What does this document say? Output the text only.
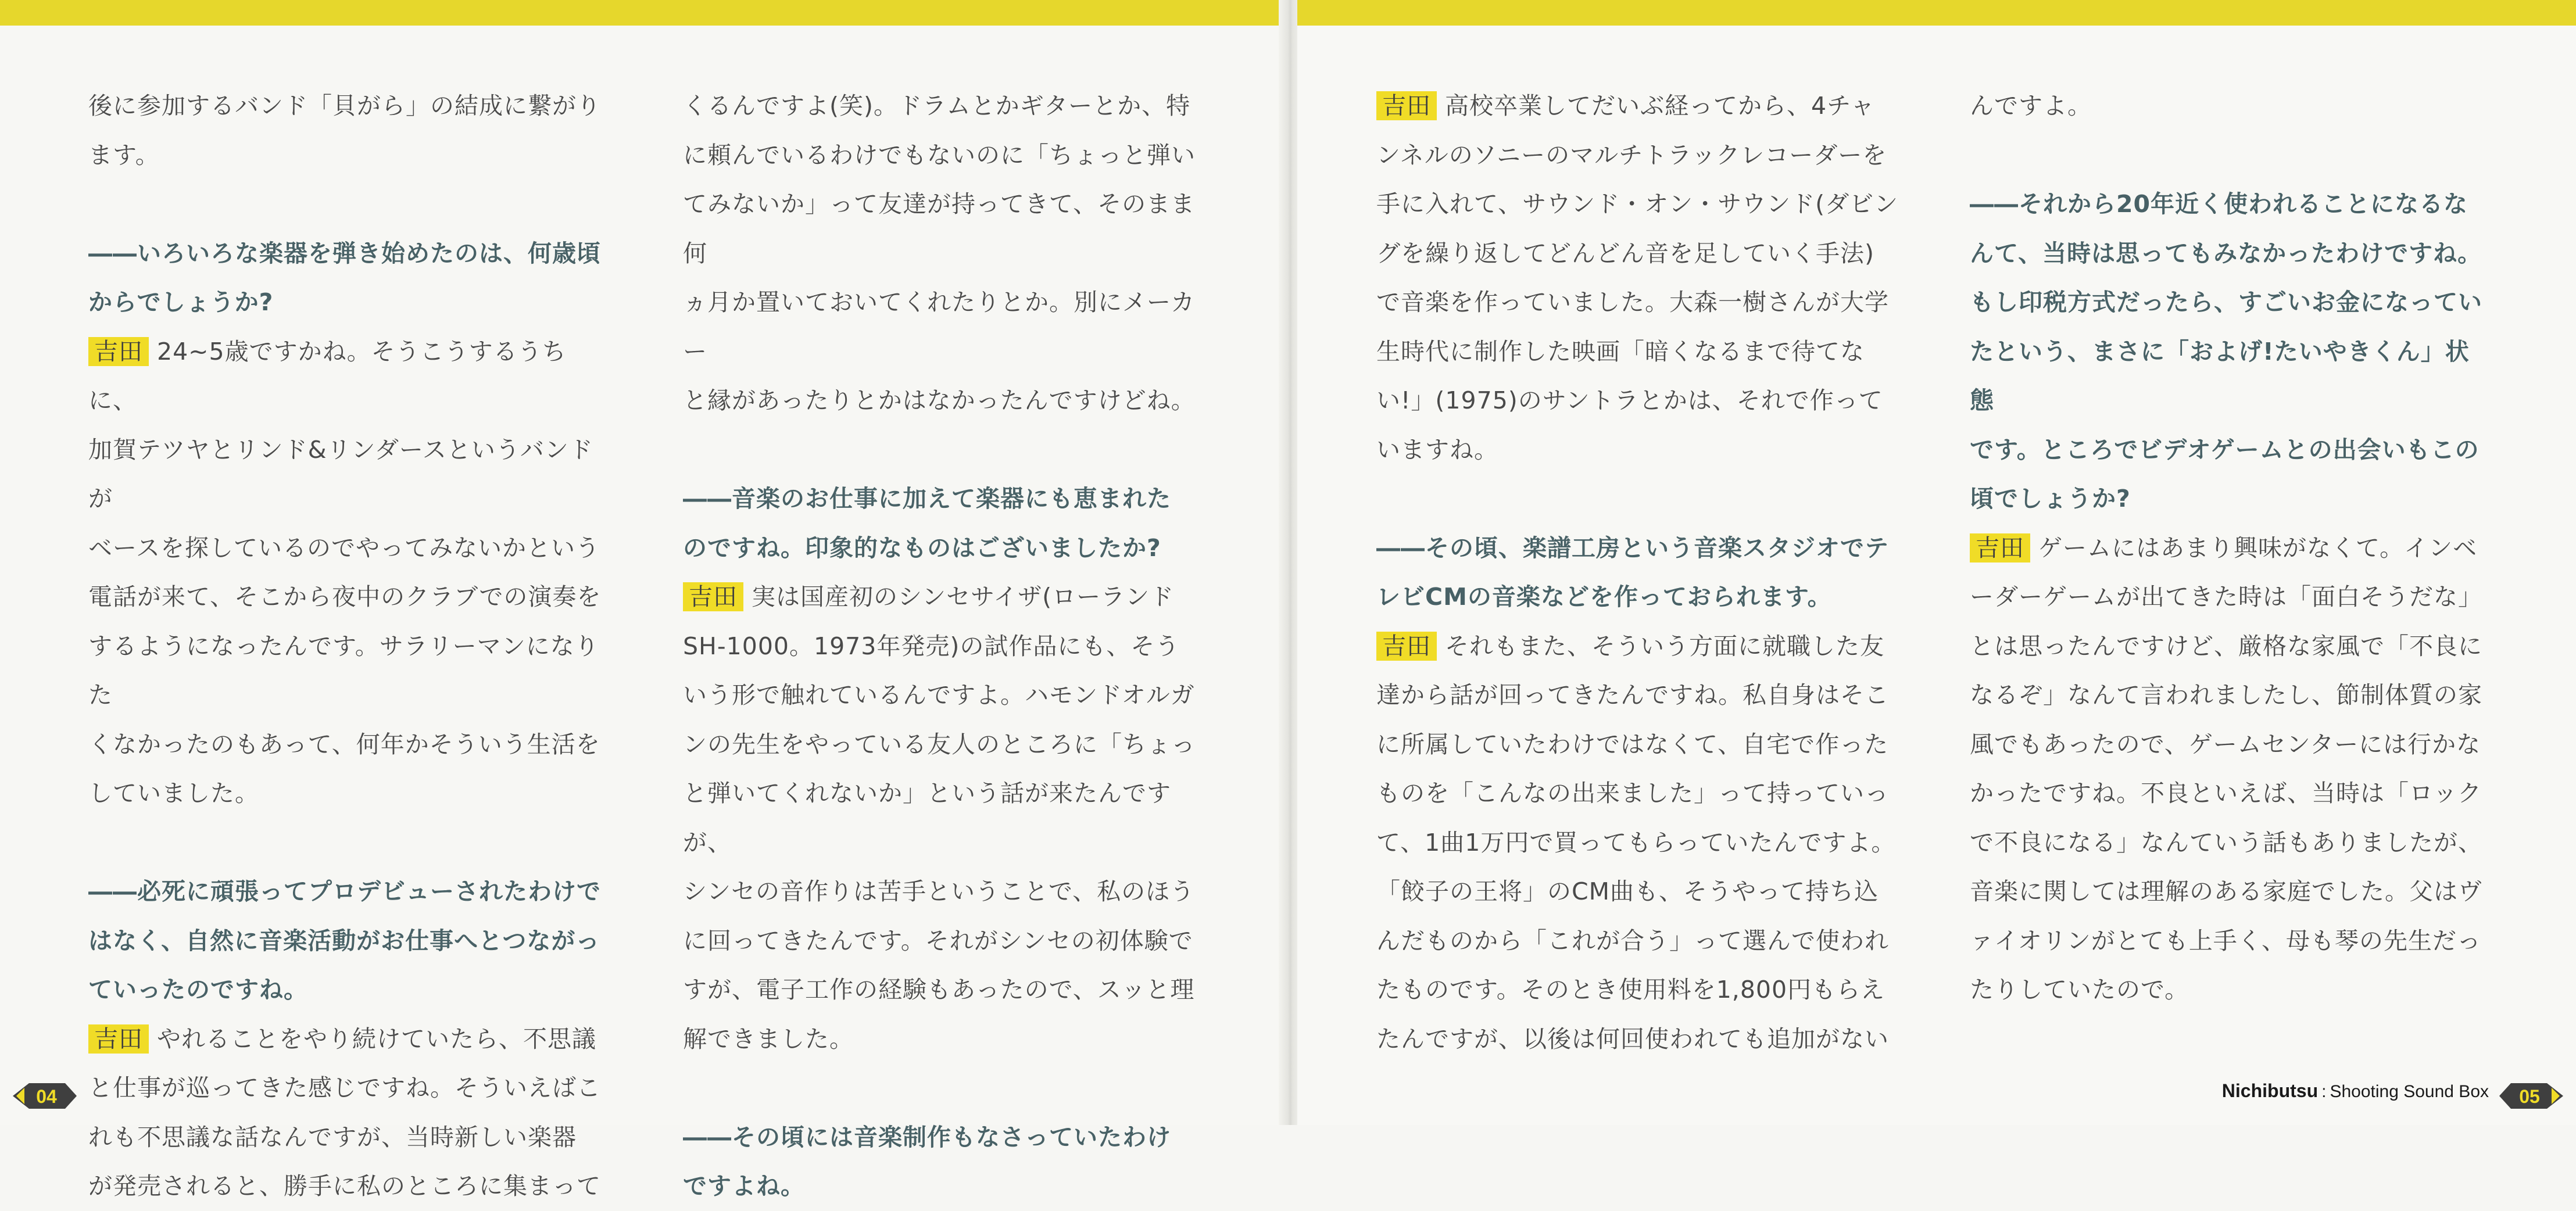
後に参加するバンド「貝がら」の結成に繋がり

ます。

――いろいろな楽器を弾き始めたのは、何歳頃

からでしょうか?

吉田 24~5歳ですかね。そうこうするうちに、

加賀テツヤとリンド&リンダースというバンドが

ベースを探しているのでやってみないかという

電話が来て、そこから夜中のクラブでの演奏を

するようになったんです。サラリーマンになりた

くなかったのもあって、何年かそういう生活を

していました。

――必死に頑張ってプロデビューされたわけで

はなく、自然に音楽活動がお仕事へとつながっ

ていったのですね。

吉田 やれることをやり続けていたら、不思議

と仕事が巡ってきた感じですね。そういえばこ

れも不思議な話なんですが、当時新しい楽器

が発売されると、勝手に私のところに集まって

くるんですよ(笑)。ドラムとかギターとか、特

に頼んでいるわけでもないのに「ちょっと弾い

てみないか」って友達が持ってきて、そのまま何

ヵ月か置いておいてくれたりとか。別にメーカー

と縁があったりとかはなかったんですけどね。

――音楽のお仕事に加えて楽器にも恵まれた

のですね。印象的なものはございましたか?

吉田 実は国産初のシンセサイザ(ローランド

SH-1000。1973年発売)の試作品にも、そう

いう形で触れているんですよ。ハモンドオルガ

ンの先生をやっている友人のところに「ちょっ

と弾いてくれないか」という話が来たんですが、

シンセの音作りは苦手ということで、私のほう

に回ってきたんです。それがシンセの初体験で

すが、電子工作の経験もあったので、スッと理

解できました。

――その頃には音楽制作もなさっていたわけ

ですよね。

04

吉田 高校卒業してだいぶ経ってから、4チャ

ンネルのソニーのマルチトラックレコーダーを

手に入れて、サウンド・オン・サウンド(ダビン

グを繰り返してどんどん音を足していく手法)

で音楽を作っていました。大森一樹さんが大学

生時代に制作した映画「暗くなるまで待てな

い!」(1975)のサントラとかは、それで作って

いますね。

――その頃、楽譜工房という音楽スタジオでテ

レビCMの音楽などを作っておられます。

吉田 それもまた、そういう方面に就職した友

達から話が回ってきたんですね。私自身はそこ

に所属していたわけではなくて、自宅で作った

ものを「こんなの出来ました」って持っていっ

て、1曲1万円で買ってもらっていたんですよ。

「餃子の王将」のCM曲も、そうやって持ち込

んだものから「これが合う」って選んで使われ

たものです。そのとき使用料を1,800円もらえ

たんですが、以後は何回使われても追加がない

んですよ。

――それから20年近く使われることになるな

んて、当時は思ってもみなかったわけですね。

もし印税方式だったら、すごいお金になってい

たという、まさに「およげ!たいやきくん」状態

です。ところでビデオゲームとの出会いもこの

頃でしょうか?

吉田 ゲームにはあまり興味がなくて。インベ

ーダーゲームが出てきた時は「面白そうだな」

とは思ったんですけど、厳格な家風で「不良に

なるぞ」なんて言われましたし、節制体質の家

風でもあったので、ゲームセンターには行かな

かったですね。不良といえば、当時は「ロック

で不良になる」なんていう話もありましたが、

音楽に関しては理解のある家庭でした。父はヴ

ァイオリンがとても上手く、母も琴の先生だっ

たりしていたので。

Nichibutsu : Shooting Sound Box 05
